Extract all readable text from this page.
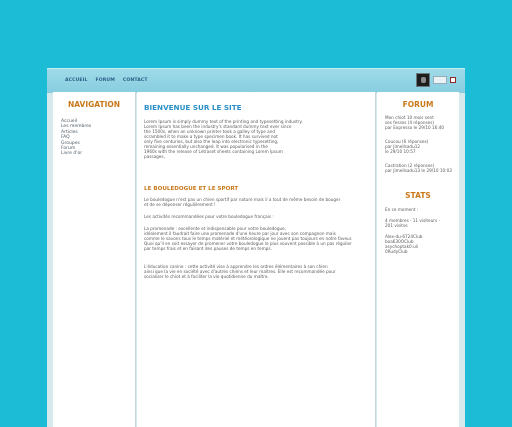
ACCUEIL FORUM CONTACT
NAVIGATION
Accueil
Les membres
Articles
FAQ
Groupes
Forum
Livre d'or
BIENVENUE SUR LE SITE
Lorem Ipsum is simply dummy text of the printing and typesetting industry.
Lorem Ipsum has been the industry's standard dummy text ever since
the 1500s, when an unknown printer took a galley of type and
scrambled it to make a type specimen book. It has survived not
only five centuries, but also the leap into electronic typesetting,
remaining essentially unchanged. It was popularised in the
1960s with the release of Letraset sheets containing Lorem Ipsum
passages,
LE BOULEDOGUE ET LE SPORT
Le bouledogue n'est pas un chien sportif par nature mais il a tout de même besoin de bouger
et de se dépenser régulièrement !
Les activités recommandées pour votre bouledogue français :
La promenade : excellente et indispensable pour votre bouledogue,
idéalement il faudrait faire une promenade d'une heure par jour avec son compagnon mais
comme le savons tous le temps matériel et météorologique ne jouent pas toujours en notre faveur.
Quoi qu'il en soit essayer de promener votre bouledogue le plus souvent possible à un pas régulier
par temps frais et en faisant des pauses de temps en temps.
L'éducation canine : cette activité vise à apprendre les ordres élémentaires à son chien
ainsi que la vie en société avec d'autres chiens et leur maîtres. Elle est recommandée pour
socialiser le chiot et à faciliter la vie quotidienne du maître.
FORUM
Mon chiot 10 mois sent
ses fesses (4 réponses)
par Expresso le 29/10 16:40
Coucou (6 réponses)
par Jimellsadu12
le 29/10 10:57
Castration (2 réponses)
par Jimellsadu13 le 29/10 10:03
STATS
En ce moment :
4 membres · 11 visiteurs ·
201 visites
Alex-du-6724Club
boa630OClub
asychoptak0:uli
0RudyClub
